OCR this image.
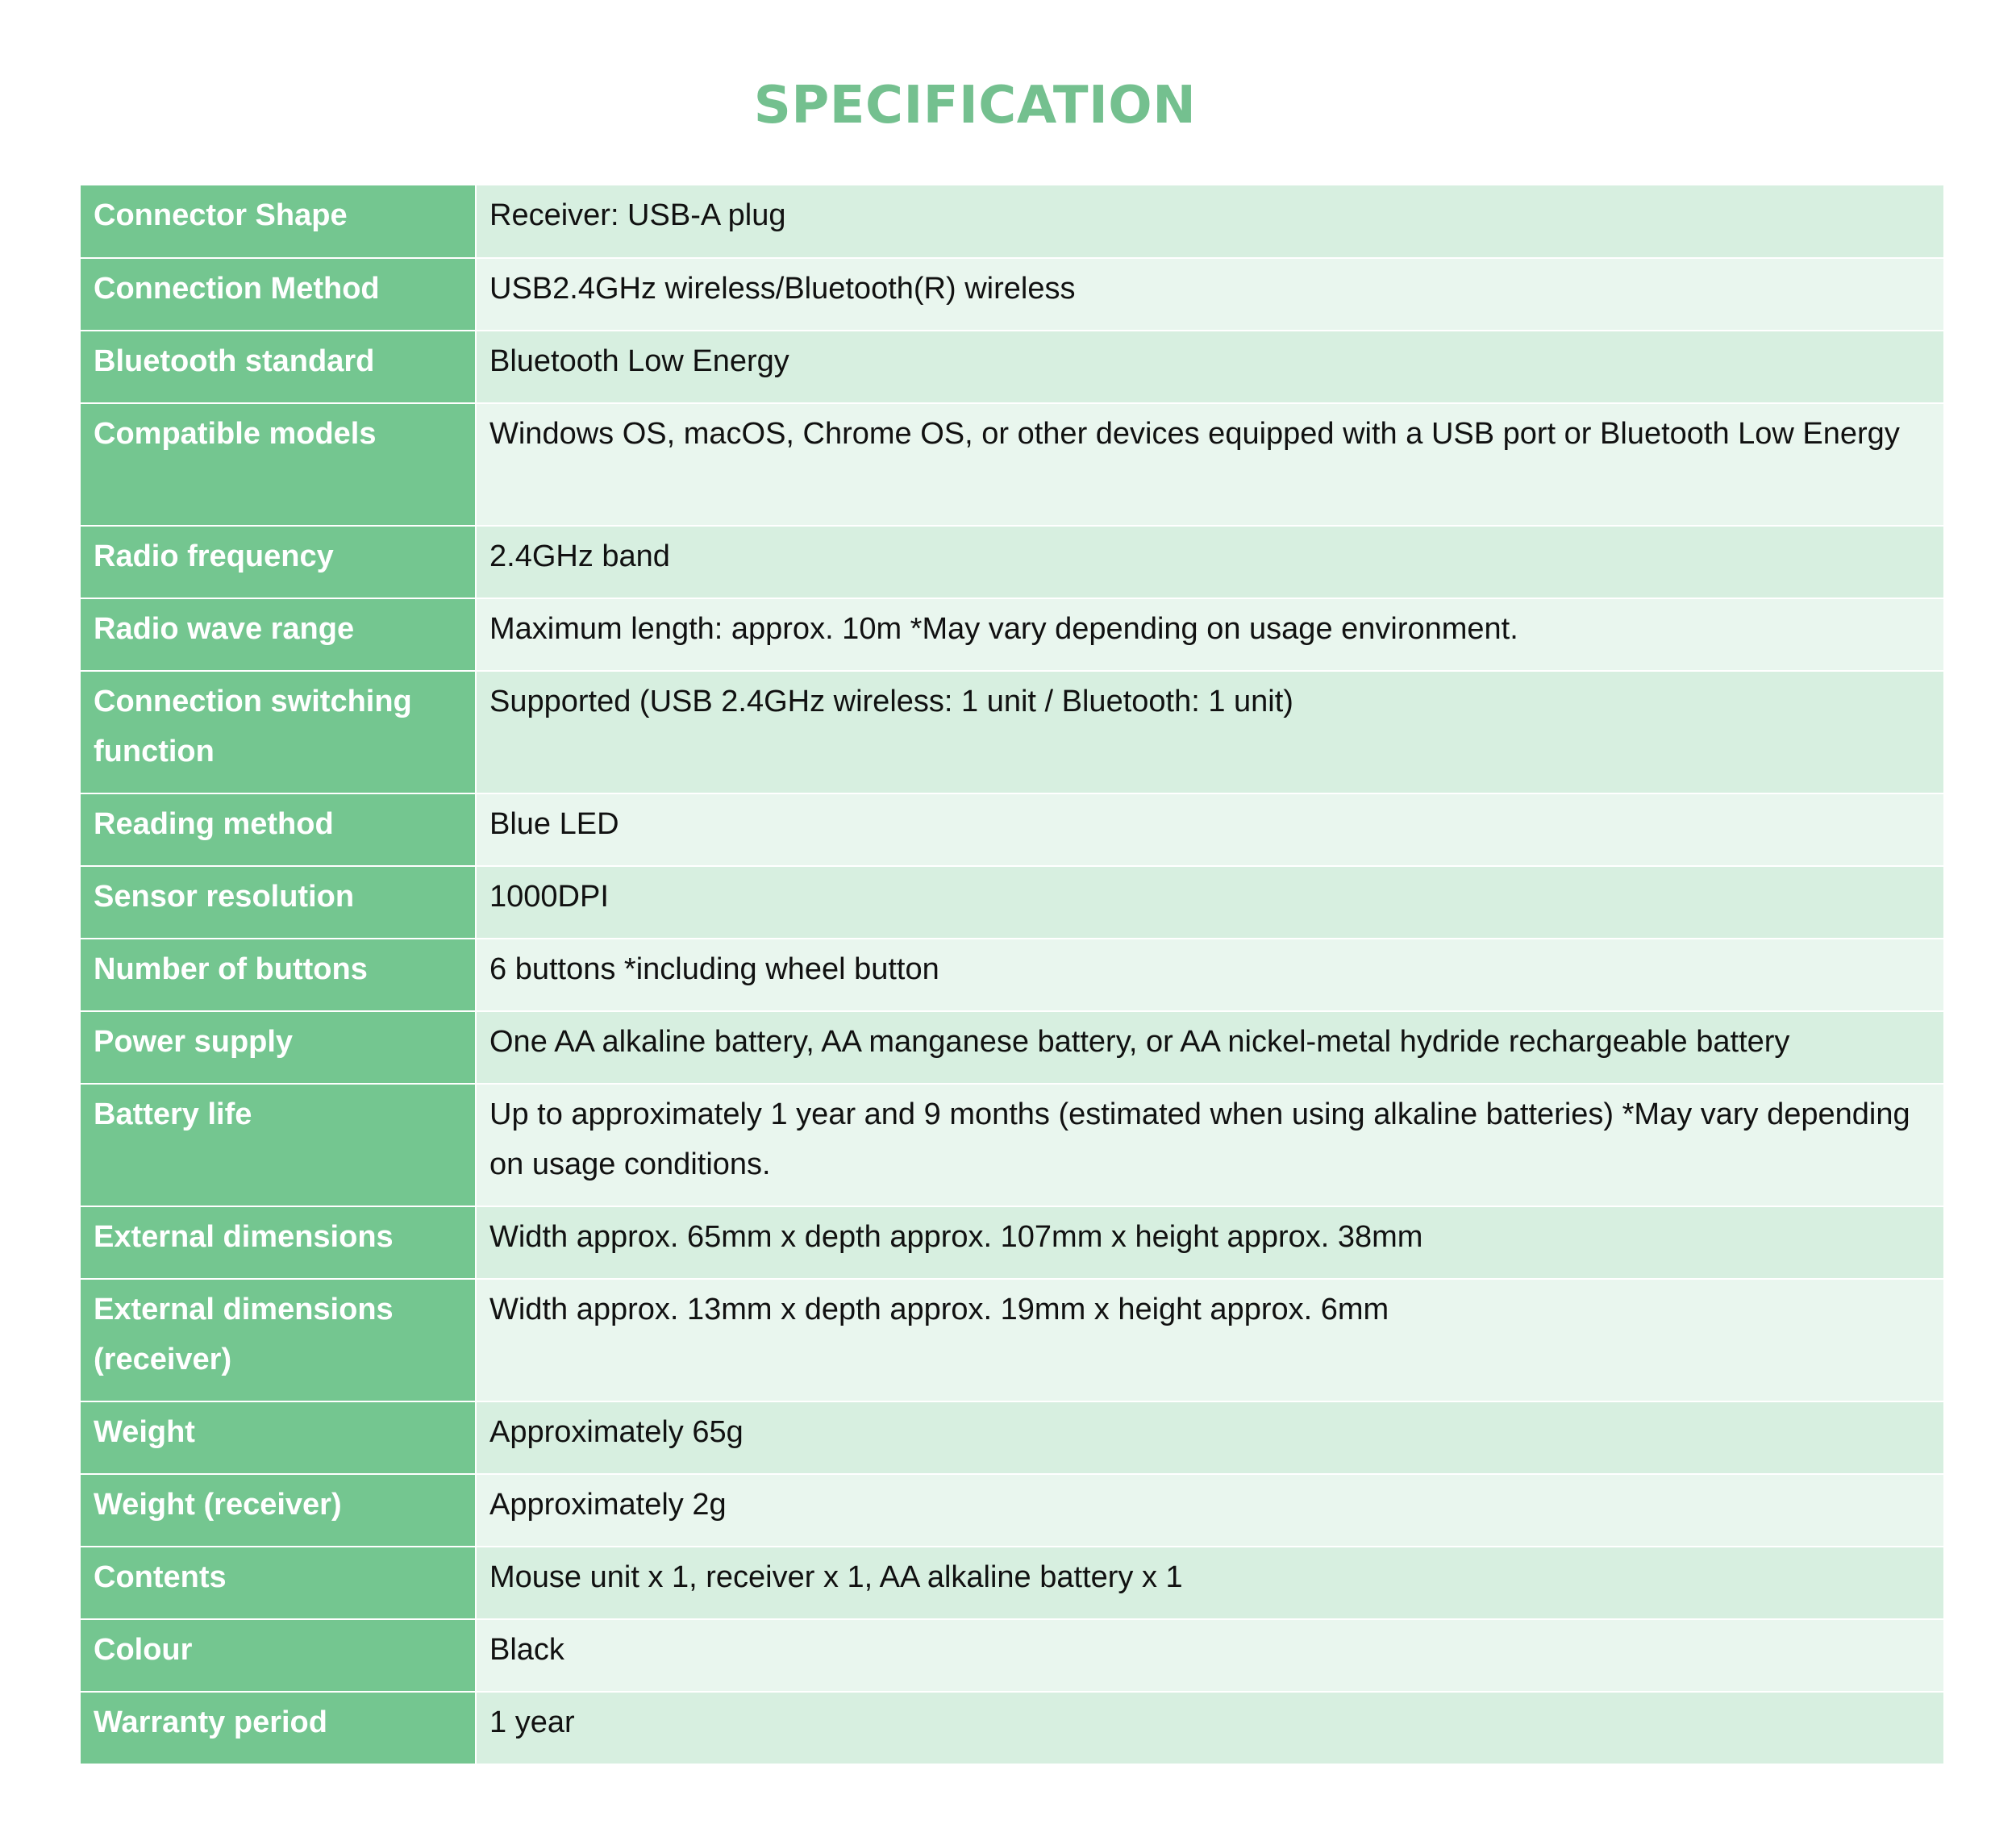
SPECIFICATION
Connector Shape	Receiver: USB-A plug
Connection Method	USB2.4GHz wireless/Bluetooth(R) wireless
Bluetooth standard	Bluetooth Low Energy
Compatible models	Windows OS, macOS, Chrome OS, or other devices equipped with a USB port or Bluetooth Low Energy
Radio frequency	2.4GHz band
Radio wave range	Maximum length: approx. 10m *May vary depending on usage environment.
Connection switching function	Supported (USB 2.4GHz wireless: 1 unit / Bluetooth: 1 unit)
Reading method	Blue LED
Sensor resolution	1000DPI
Number of buttons	6 buttons *including wheel button
Power supply	One AA alkaline battery, AA manganese battery, or AA nickel-metal hydride rechargeable battery
Battery life	Up to approximately 1 year and 9 months (estimated when using alkaline batteries) *May vary depending on usage conditions.
External dimensions	Width approx. 65mm x depth approx. 107mm x height approx. 38mm
External dimensions (receiver)	Width approx. 13mm x depth approx. 19mm x height approx. 6mm
Weight	Approximately 65g
Weight (receiver)	Approximately 2g
Contents	Mouse unit x 1, receiver x 1, AA alkaline battery x 1
Colour	Black
Warranty period	1 year
